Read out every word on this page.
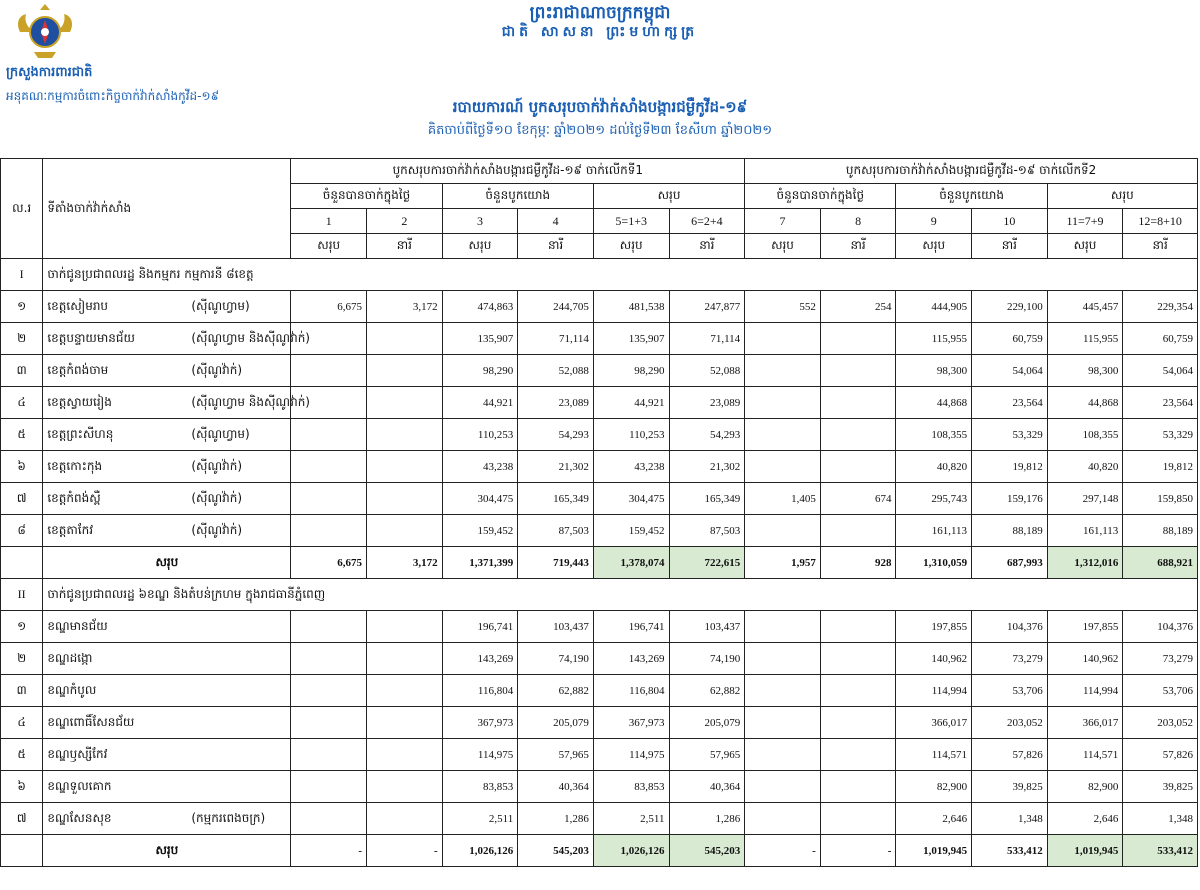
ក្រសួងការពារជាតិ
អនុគណៈកម្មការចំពោះកិច្ចចាក់វ៉ាក់សាំងកូវីដ-១៩
ព្រះរាជាណាចក្រកម្ពុជា
ជាតិ សាសនា ព្រះមហាក្សត្រ
របាយការណ៍ បូកសរុបចាក់វ៉ាក់សាំងបង្ការជម្ងឺកូវីដ-១៩
គិតចាប់ពីថ្ងៃទី១០ ខែកុម្ភៈ ឆ្នាំ២០២១ ដល់ថ្ងៃទី២៣ ខែសីហា ឆ្នាំ២០២១
ល.រ	ទីតាំងចាក់វ៉ាក់សាំង	បូកសរុបការចាក់វ៉ាក់សាំងបង្ការជម្ងឺកូវីដ-១៩ ចាក់លើកទី1						បូកសរុបការចាក់វ៉ាក់សាំងបង្ការជម្ងឺកូវីដ-១៩ ចាក់លើកទី2					
		ចំនួនបានចាក់ក្នុងថ្ងៃ		ចំនួនបូកយោង		សរុប		ចំនួនបានចាក់ក្នុងថ្ងៃ		ចំនួនបូកយោង		សរុប	
		1	2	3	4	5=1+3	6=2+4	7	8	9	10	11=7+9	12=8+10
		សរុប	នារី	សរុប	នារី	សរុប	នារី	សរុប	នារី	សរុប	នារី	សរុប	នារី
I	ចាក់ជូនប្រជាពលរដ្ឋ និងកម្មករ កម្មការនី ៨ខេត្ត												
១	ខេត្តសៀមរាប (ស៊ីណូហ្វាម)	6,675	3,172	474,863	244,705	481,538	247,877	552	254	444,905	229,100	445,457	229,354
២	ខេត្តបន្ទាយមានជ័យ (ស៊ីណូហ្វាម និងស៊ីណូវ៉ាក់)			135,907	71,114	135,907	71,114			115,955	60,759	115,955	60,759
៣	ខេត្តកំពង់ចាម (ស៊ីណូវ៉ាក់)			98,290	52,088	98,290	52,088			98,300	54,064	98,300	54,064
៤	ខេត្តស្វាយរៀង (ស៊ីណូហ្វាម និងស៊ីណូវ៉ាក់)			44,921	23,089	44,921	23,089			44,868	23,564	44,868	23,564
៥	ខេត្តព្រះសីហនុ (ស៊ីណូហ្វាម)			110,253	54,293	110,253	54,293			108,355	53,329	108,355	53,329
៦	ខេត្តកោះកុង (ស៊ីណូវ៉ាក់)			43,238	21,302	43,238	21,302			40,820	19,812	40,820	19,812
៧	ខេត្តកំពង់ស្ពឺ (ស៊ីណូវ៉ាក់)			304,475	165,349	304,475	165,349	1,405	674	295,743	159,176	297,148	159,850
៨	ខេត្តតាកែវ (ស៊ីណូវ៉ាក់)			159,452	87,503	159,452	87,503			161,113	88,189	161,113	88,189
	សរុប	6,675	3,172	1,371,399	719,443	1,378,074	722,615	1,957	928	1,310,059	687,993	1,312,016	688,921
II	ចាក់ជូនប្រជាពលរដ្ឋ ៦ខណ្ឌ និងតំបន់ក្រហម ក្នុងរាជធានីភ្នំពេញ												
១	ខណ្ឌមានជ័យ			196,741	103,437	196,741	103,437			197,855	104,376	197,855	104,376
២	ខណ្ឌដង្កោ			143,269	74,190	143,269	74,190			140,962	73,279	140,962	73,279
៣	ខណ្ឌកំបូល			116,804	62,882	116,804	62,882			114,994	53,706	114,994	53,706
៤	ខណ្ឌពោធិ៍សែនជ័យ			367,973	205,079	367,973	205,079			366,017	203,052	366,017	203,052
៥	ខណ្ឌឫស្សីកែវ			114,975	57,965	114,975	57,965			114,571	57,826	114,571	57,826
៦	ខណ្ឌទួលគោក			83,853	40,364	83,853	40,364			82,900	39,825	82,900	39,825
៧	ខណ្ឌសែនសុខ (កម្មករពេងចក្រ)			2,511	1,286	2,511	1,286			2,646	1,348	2,646	1,348
	សរុប	-	-	1,026,126	545,203	1,026,126	545,203	-	-	1,019,945	533,412	1,019,945	533,412
